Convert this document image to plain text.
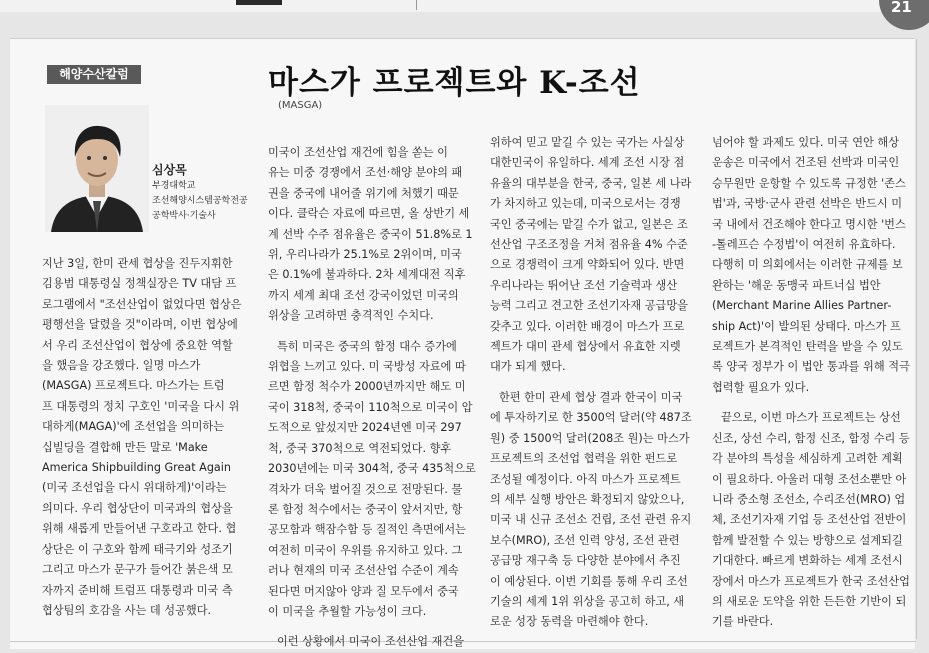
21
해양수산칼럼	마스가 프로젝트와 K-조선
(MASGA)
심상목
부경대학교
조선해양시스템공학전공
공학박사·기술사
지난 3일, 한미 관세 협상을 진두지휘한
김용범 대통령실 정책실장은 TV 대담 프
로그램에서 "조선산업이 없었다면 협상은
평행선을 달렸을 것"이라며, 이번 협상에
서 우리 조선산업이 협상에 중요한 역할
을 했음을 강조했다. 일명 마스가
(MASGA) 프로젝트다. 마스가는 트럼
프 대통령의 정치 구호인 '미국을 다시 위
대하게(MAGA)'에 조선업을 의미하는
십빌딩을 결합해 만든 말로 'Make
America Shipbuilding Great Again
(미국 조선업을 다시 위대하게)'이라는
의미다. 우리 협상단이 미국과의 협상을
위해 새롭게 만들어낸 구호라고 한다. 협
상단은 이 구호와 함께 태극기와 성조기
그리고 마스가 문구가 들어간 붉은색 모
자까지 준비해 트럼프 대통령과 미국 측
협상팀의 호감을 사는 데 성공했다.
미국이 조선산업 재건에 힘을 쏟는 이
유는 미중 경쟁에서 조선·해양 분야의 패
권을 중국에 내어줄 위기에 처했기 때문
이다. 클락슨 자료에 따르면, 올 상반기 세
계 선박 수주 점유율은 중국이 51.8%로 1
위, 우리나라가 25.1%로 2위이며, 미국
은 0.1%에 불과하다. 2차 세계대전 직후
까지 세계 최대 조선 강국이었던 미국의
위상을 고려하면 충격적인 수치다.
특히 미국은 중국의 함정 대수 증가에
위협을 느끼고 있다. 미 국방성 자료에 따
르면 함정 척수가 2000년까지만 해도 미
국이 318척, 중국이 110척으로 미국이 압
도적으로 앞섰지만 2024년엔 미국 297
척, 중국 370척으로 역전되었다. 향후
2030년에는 미국 304척, 중국 435척으로
격차가 더욱 벌어질 것으로 전망된다. 물
론 함정 척수에서는 중국이 앞서지만, 항
공모함과 핵잠수함 등 질적인 측면에서는
여전히 미국이 우위를 유지하고 있다. 그
러나 현재의 미국 조선산업 수준이 계속
된다면 머지않아 양과 질 모두에서 중국
이 미국을 추월할 가능성이 크다.
이런 상황에서 미국이 조선산업 재건을
위하여 믿고 맡길 수 있는 국가는 사실상
대한민국이 유일하다. 세계 조선 시장 점
유율의 대부분을 한국, 중국, 일본 세 나라
가 차지하고 있는데, 미국으로서는 경쟁
국인 중국에는 맡길 수가 없고, 일본은 조
선산업 구조조정을 거쳐 점유율 4% 수준
으로 경쟁력이 크게 약화되어 있다. 반면
우리나라는 뛰어난 조선 기술력과 생산
능력 그리고 견고한 조선기자재 공급망을
갖추고 있다. 이러한 배경이 마스가 프로
젝트가 대미 관세 협상에서 유효한 지렛
대가 되게 했다.
한편 한미 관세 협상 결과 한국이 미국
에 투자하기로 한 3500억 달러(약 487조
원) 중 1500억 달러(208조 원)는 마스가
프로젝트의 조선업 협력을 위한 펀드로
조성될 예정이다. 아직 마스가 프로젝트
의 세부 실행 방안은 확정되지 않았으나,
미국 내 신규 조선소 건립, 조선 관련 유지
보수(MRO), 조선 인력 양성, 조선 관련
공급망 재구축 등 다양한 분야에서 추진
이 예상된다. 이번 기회를 통해 우리 조선
기술의 세계 1위 위상을 공고히 하고, 새
로운 성장 동력을 마련해야 한다.
넘어야 할 과제도 있다. 미국 연안 해상
운송은 미국에서 건조된 선박과 미국인
승무원만 운항할 수 있도록 규정한 '존스
법'과, 국방·군사 관련 선박은 반드시 미
국 내에서 건조해야 한다고 명시한 '번스
-톨레프슨 수정법'이 여전히 유효하다.
다행히 미 의회에서는 이러한 규제를 보
완하는 '해운 동맹국 파트너십 법안
(Merchant Marine Allies Partner-
ship Act)'이 발의된 상태다. 마스가 프
로젝트가 본격적인 탄력을 받을 수 있도
록 양국 정부가 이 법안 통과를 위해 적극
협력할 필요가 있다.
끝으로, 이번 마스가 프로젝트는 상선
신조, 상선 수리, 함정 신조, 함정 수리 등
각 분야의 특성을 세심하게 고려한 계획
이 필요하다. 아울러 대형 조선소뿐만 아
니라 중소형 조선소, 수리조선(MRO) 업
체, 조선기자재 기업 등 조선산업 전반이
함께 발전할 수 있는 방향으로 설계되길
기대한다. 빠르게 변화하는 세계 조선시
장에서 마스가 프로젝트가 한국 조선산업
의 새로운 도약을 위한 든든한 기반이 되
기를 바란다.
